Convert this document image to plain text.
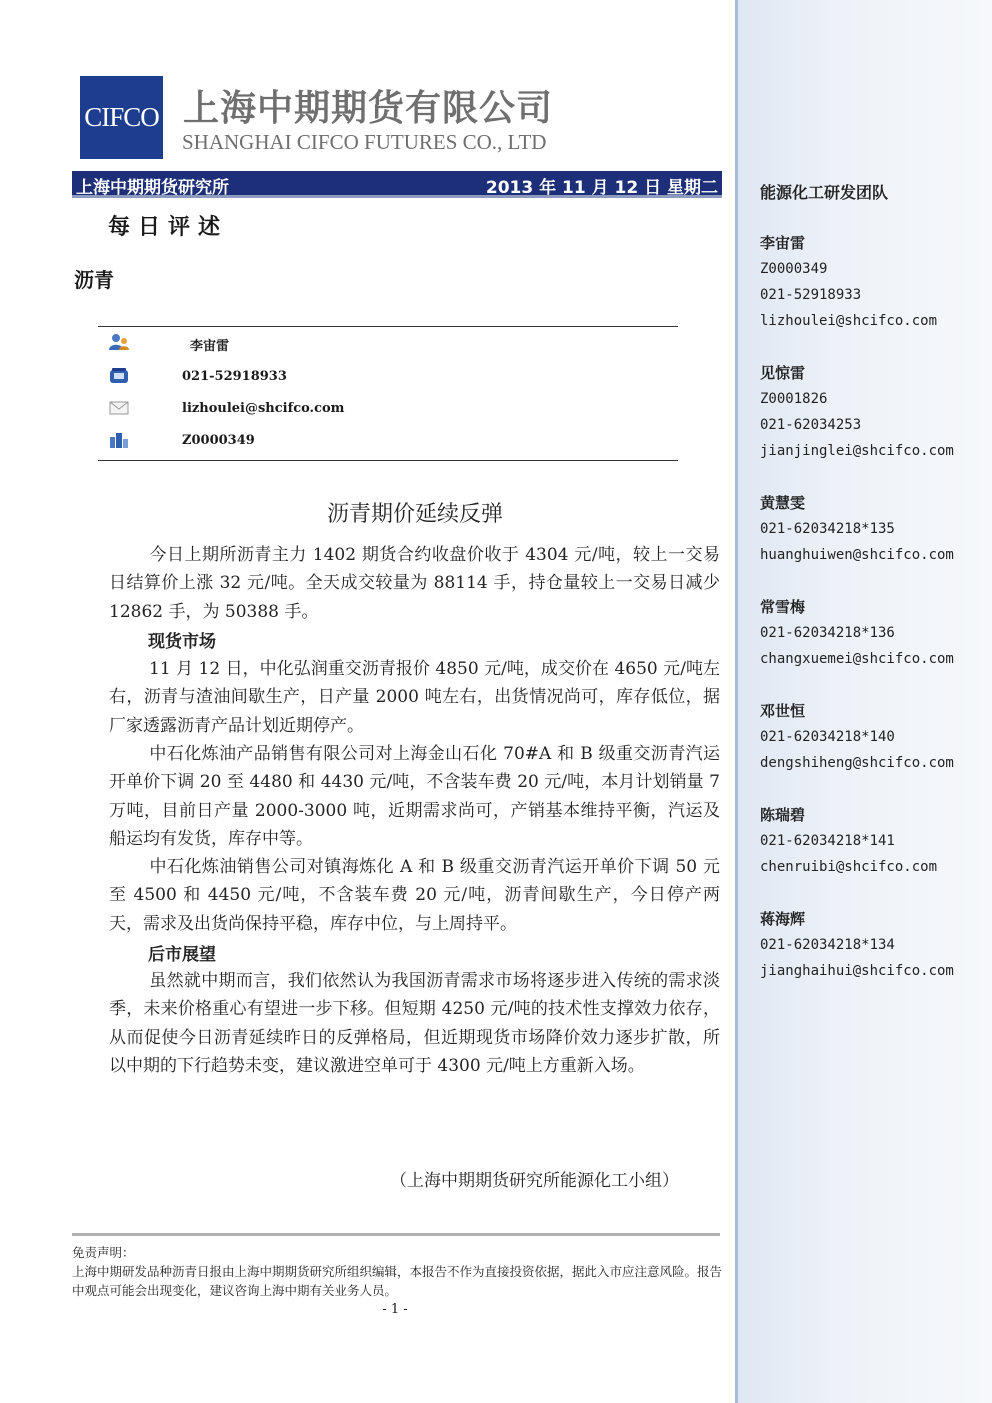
CIFCO 上海中期期货有限公司
SHANGHAI CIFCO FUTURES CO., LTD
上海中期期货研究所	2013 年 11 月 12 日 星期二
每日评述
沥青
李宙雷
021-52918933
lizhoulei@shcifco.com
Z0000349
沥青期价延续反弹
今日上期所沥青主力 1402 期货合约收盘价收于 4304 元/吨，较上一交易日结算价上涨 32 元/吨。全天成交较量为 88114 手，持仓量较上一交易日减少 12862 手，为 50388 手。
现货市场
11 月 12 日，中化弘润重交沥青报价 4850 元/吨，成交价在 4650 元/吨左右，沥青与渣油间歇生产，日产量 2000 吨左右，出货情况尚可，库存低位，据厂家透露沥青产品计划近期停产。
中石化炼油产品销售有限公司对上海金山石化 70#A 和 B 级重交沥青汽运开单价下调 20 至 4480 和 4430 元/吨，不含装车费 20 元/吨，本月计划销量 7 万吨，目前日产量 2000-3000 吨，近期需求尚可，产销基本维持平衡，汽运及船运均有发货，库存中等。
中石化炼油销售公司对镇海炼化 A 和 B 级重交沥青汽运开单价下调 50 元至 4500 和 4450 元/吨，不含装车费 20 元/吨，沥青间歇生产，今日停产两天，需求及出货尚保持平稳，库存中位，与上周持平。
后市展望
虽然就中期而言，我们依然认为我国沥青需求市场将逐步进入传统的需求淡季，未来价格重心有望进一步下移。但短期 4250 元/吨的技术性支撑效力依存，从而促使今日沥青延续昨日的反弹格局，但近期现货市场降价效力逐步扩散，所以中期的下行趋势未变，建议激进空单可于 4300 元/吨上方重新入场。
（上海中期期货研究所能源化工小组）
免责声明：
上海中期研发品种沥青日报由上海中期期货研究所组织编辑，本报告不作为直接投资依据，据此入市应注意风险。报告中观点可能会出现变化，建议咨询上海中期有关业务人员。
- 1 -
能源化工研发团队
李宙雷
Z0000349
021-52918933
lizhoulei@shcifco.com
见惊雷
Z0001826
021-62034253
jianjinglei@shcifco.com
黄慧雯
021-62034218*135
huanghuiwen@shcifco.com
常雪梅
021-62034218*136
changxuemei@shcifco.com
邓世恒
021-62034218*140
dengshiheng@shcifco.com
陈瑞碧
021-62034218*141
chenruibi@shcifco.com
蒋海辉
021-62034218*134
jianghaihui@shcifco.com
